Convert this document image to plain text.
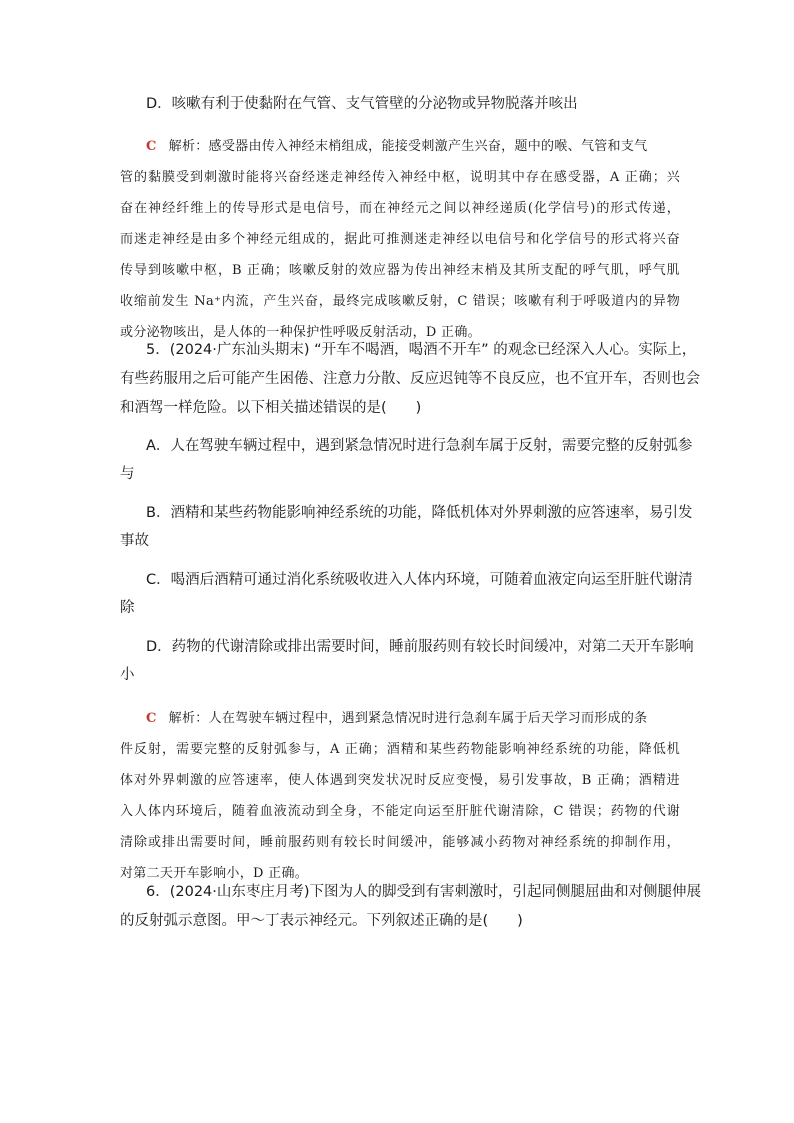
D．咳嗽有利于使黏附在气管、支气管壁的分泌物或异物脱落并咳出
C 解析：感受器由传入神经末梢组成，能接受刺激产生兴奋，题中的喉、气管和支气
管的黏膜受到刺激时能将兴奋经迷走神经传入神经中枢，说明其中存在感受器，A 正确；兴
奋在神经纤维上的传导形式是电信号，而在神经元之间以神经递质(化学信号)的形式传递，
而迷走神经是由多个神经元组成的，据此可推测迷走神经以电信号和化学信号的形式将兴奋
传导到咳嗽中枢，B 正确；咳嗽反射的效应器为传出神经末梢及其所支配的呼气肌，呼气肌
收缩前发生 Na⁺内流，产生兴奋，最终完成咳嗽反射，C 错误；咳嗽有利于呼吸道内的异物
或分泌物咳出，是人体的一种保护性呼吸反射活动，D 正确。
5．(2024·广东汕头期末) “开车不喝酒，喝酒不开车” 的观念已经深入人心。实际上，
有些药服用之后可能产生困倦、注意力分散、反应迟钝等不良反应，也不宜开车，否则也会
和酒驾一样危险。以下相关描述错误的是(　　)
A．人在驾驶车辆过程中，遇到紧急情况时进行急刹车属于反射，需要完整的反射弧参
与
B．酒精和某些药物能影响神经系统的功能，降低机体对外界刺激的应答速率，易引发
事故
C．喝酒后酒精可通过消化系统吸收进入人体内环境，可随着血液定向运至肝脏代谢清
除
D．药物的代谢清除或排出需要时间，睡前服药则有较长时间缓冲，对第二天开车影响
小
C 解析：人在驾驶车辆过程中，遇到紧急情况时进行急刹车属于后天学习而形成的条
件反射，需要完整的反射弧参与，A 正确；酒精和某些药物能影响神经系统的功能，降低机
体对外界刺激的应答速率，使人体遇到突发状况时反应变慢，易引发事故，B 正确；酒精进
入人体内环境后，随着血液流动到全身，不能定向运至肝脏代谢清除，C 错误；药物的代谢
清除或排出需要时间，睡前服药则有较长时间缓冲，能够减小药物对神经系统的抑制作用，
对第二天开车影响小，D 正确。
6．(2024·山东枣庄月考)下图为人的脚受到有害刺激时，引起同侧腿屈曲和对侧腿伸展
的反射弧示意图。甲～丁表示神经元。下列叙述正确的是(　　)
